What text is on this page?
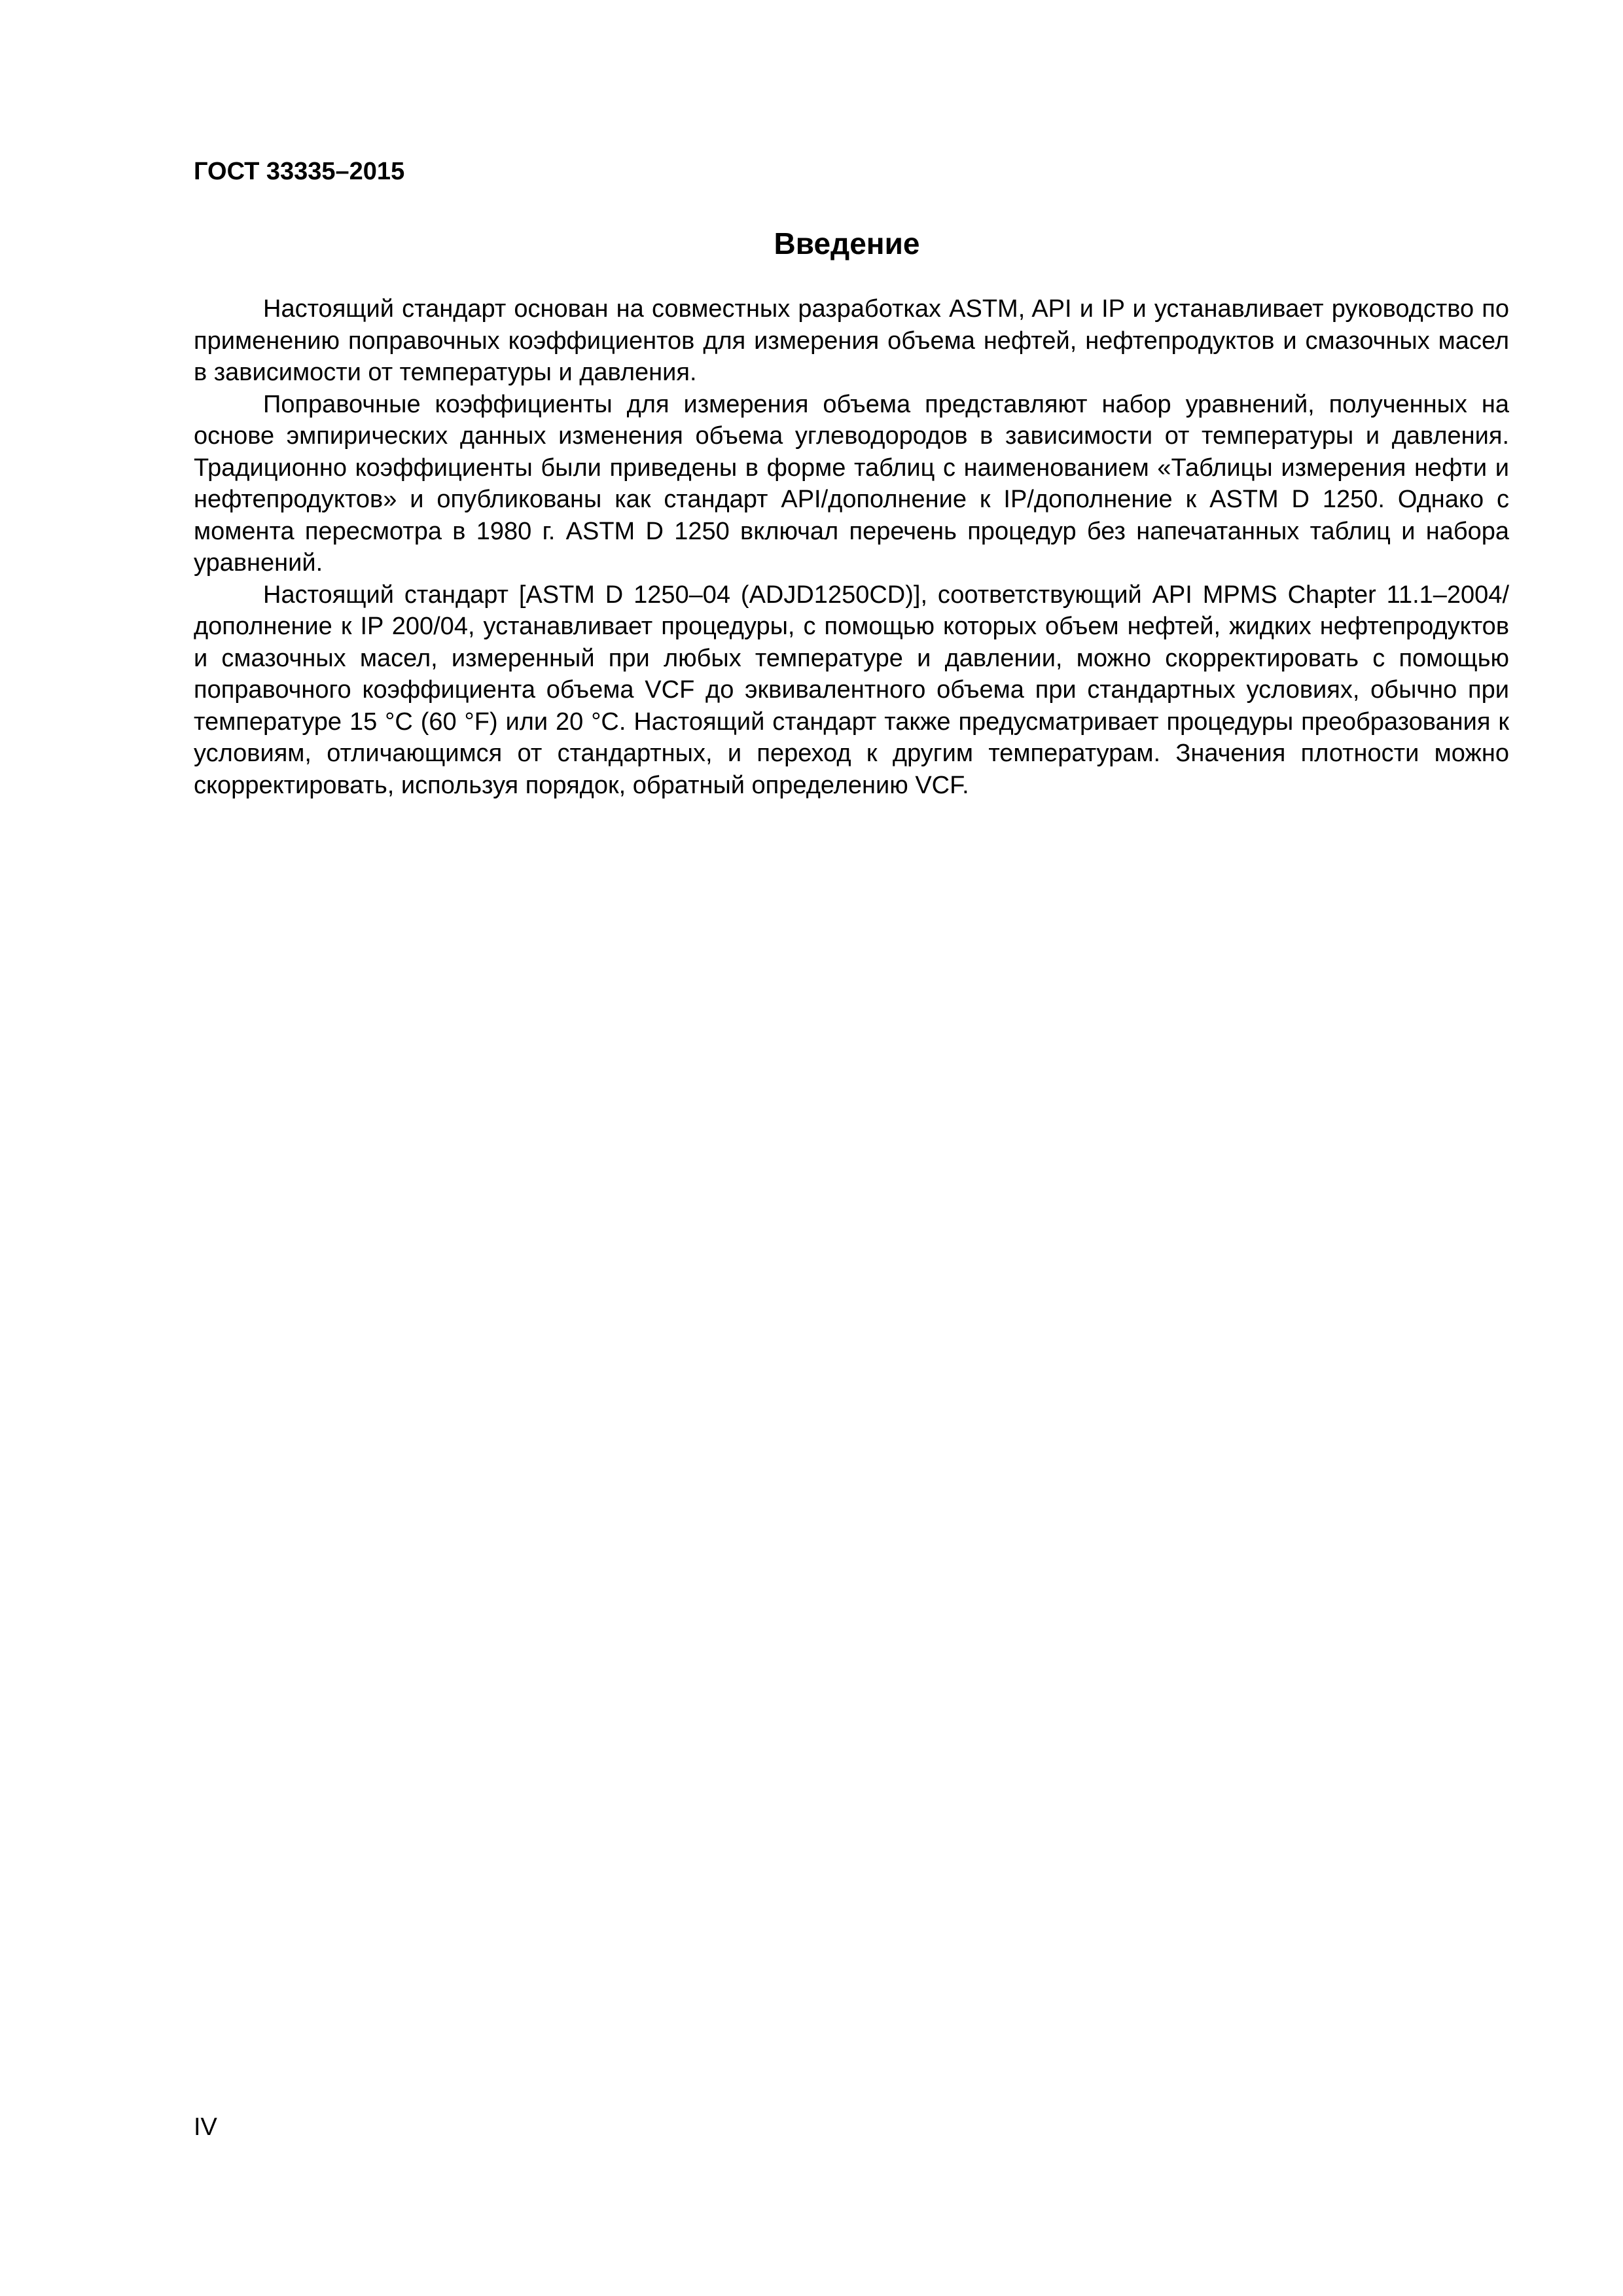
ГОСТ 33335–2015

Введение

Настоящий стандарт основан на совместных разработках ASTM, API и IP и устанавливает руководство по применению поправочных коэффициентов для измерения объема нефтей, нефтепродуктов и смазочных масел в зависимости от температуры и давления.

Поправочные коэффициенты для измерения объема представляют набор уравнений, полученных на основе эмпирических данных изменения объема углеводородов в зависимости от температуры и давления. Традиционно коэффициенты были приведены в форме таблиц с наименованием «Таблицы измерения нефти и нефтепродуктов» и опубликованы как стандарт API/дополнение к IP/дополнение к ASTM D 1250. Однако с момента пересмотра в 1980 г. ASTM D 1250 включал перечень процедур без напечатанных таблиц и набора уравнений.

Настоящий стандарт [ASTM D 1250–04 (ADJD1250CD)], соответствующий API MPMS Chapter 11.1–2004/дополнение к IP 200/04, устанавливает процедуры, с помощью которых объем нефтей, жидких нефтепродуктов и смазочных масел, измеренный при любых температуре и давлении, можно скорректировать с помощью поправочного коэффициента объема VCF до эквивалентного объема при стандартных условиях, обычно при температуре 15 °С (60 °F) или 20 °С. Настоящий стандарт также предусматривает процедуры преобразования к условиям, отличающимся от стандартных, и переход к другим температурам. Значения плотности можно скорректировать, используя порядок, обратный определению VCF.

IV
